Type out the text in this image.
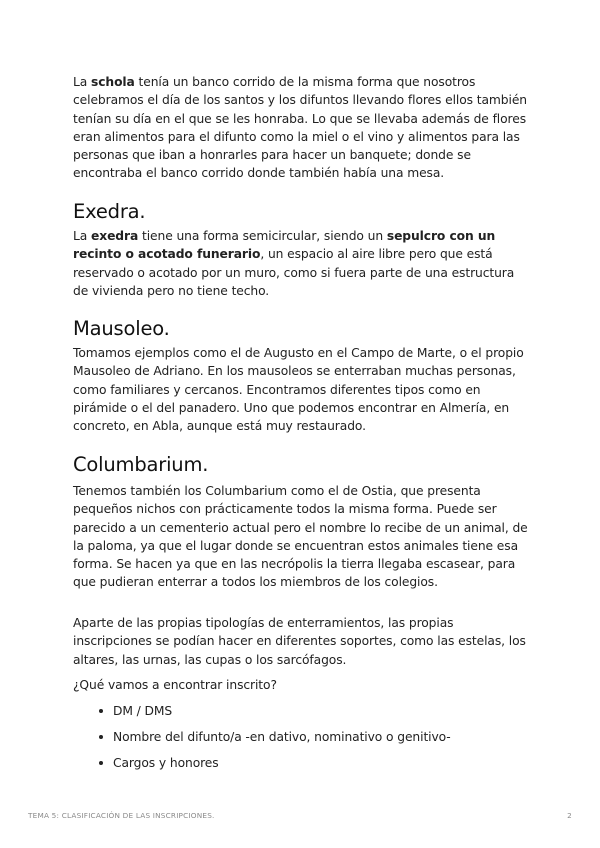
La schola tenía un banco corrido de la misma forma que nosotros celebramos el día de los santos y los difuntos llevando flores ellos también tenían su día en el que se les honraba. Lo que se llevaba además de flores eran alimentos para el difunto como la miel o el vino y alimentos para las personas que iban a honrarles para hacer un banquete; donde se encontraba el banco corrido donde también había una mesa.

Exedra.

La exedra tiene una forma semicircular, siendo un sepulcro con un recinto o acotado funerario, un espacio al aire libre pero que está reservado o acotado por un muro, como si fuera parte de una estructura de vivienda pero no tiene techo.

Mausoleo.

Tomamos ejemplos como el de Augusto en el Campo de Marte, o el propio Mausoleo de Adriano. En los mausoleos se enterraban muchas personas, como familiares y cercanos. Encontramos diferentes tipos como en pirámide o el del panadero. Uno que podemos encontrar en Almería, en concreto, en Abla, aunque está muy restaurado.

Columbarium.

Tenemos también los Columbarium como el de Ostia, que presenta pequeños nichos con prácticamente todos la misma forma. Puede ser parecido a un cementerio actual pero el nombre lo recibe de un animal, de la paloma, ya que el lugar donde se encuentran estos animales tiene esa forma. Se hacen ya que en las necrópolis la tierra llegaba escasear, para que pudieran enterrar a todos los miembros de los colegios.

Aparte de las propias tipologías de enterramientos, las propias inscripciones se podían hacer en diferentes soportes, como las estelas, los altares, las urnas, las cupas o los sarcófagos.

¿Qué vamos a encontrar inscrito?

DM / DMS
Nombre del difunto/a -en dativo, nominativo o genitivo-
Cargos y honores
TEMA 5: CLASIFICACIÓN DE LAS INSCRIPCIONES.	2
